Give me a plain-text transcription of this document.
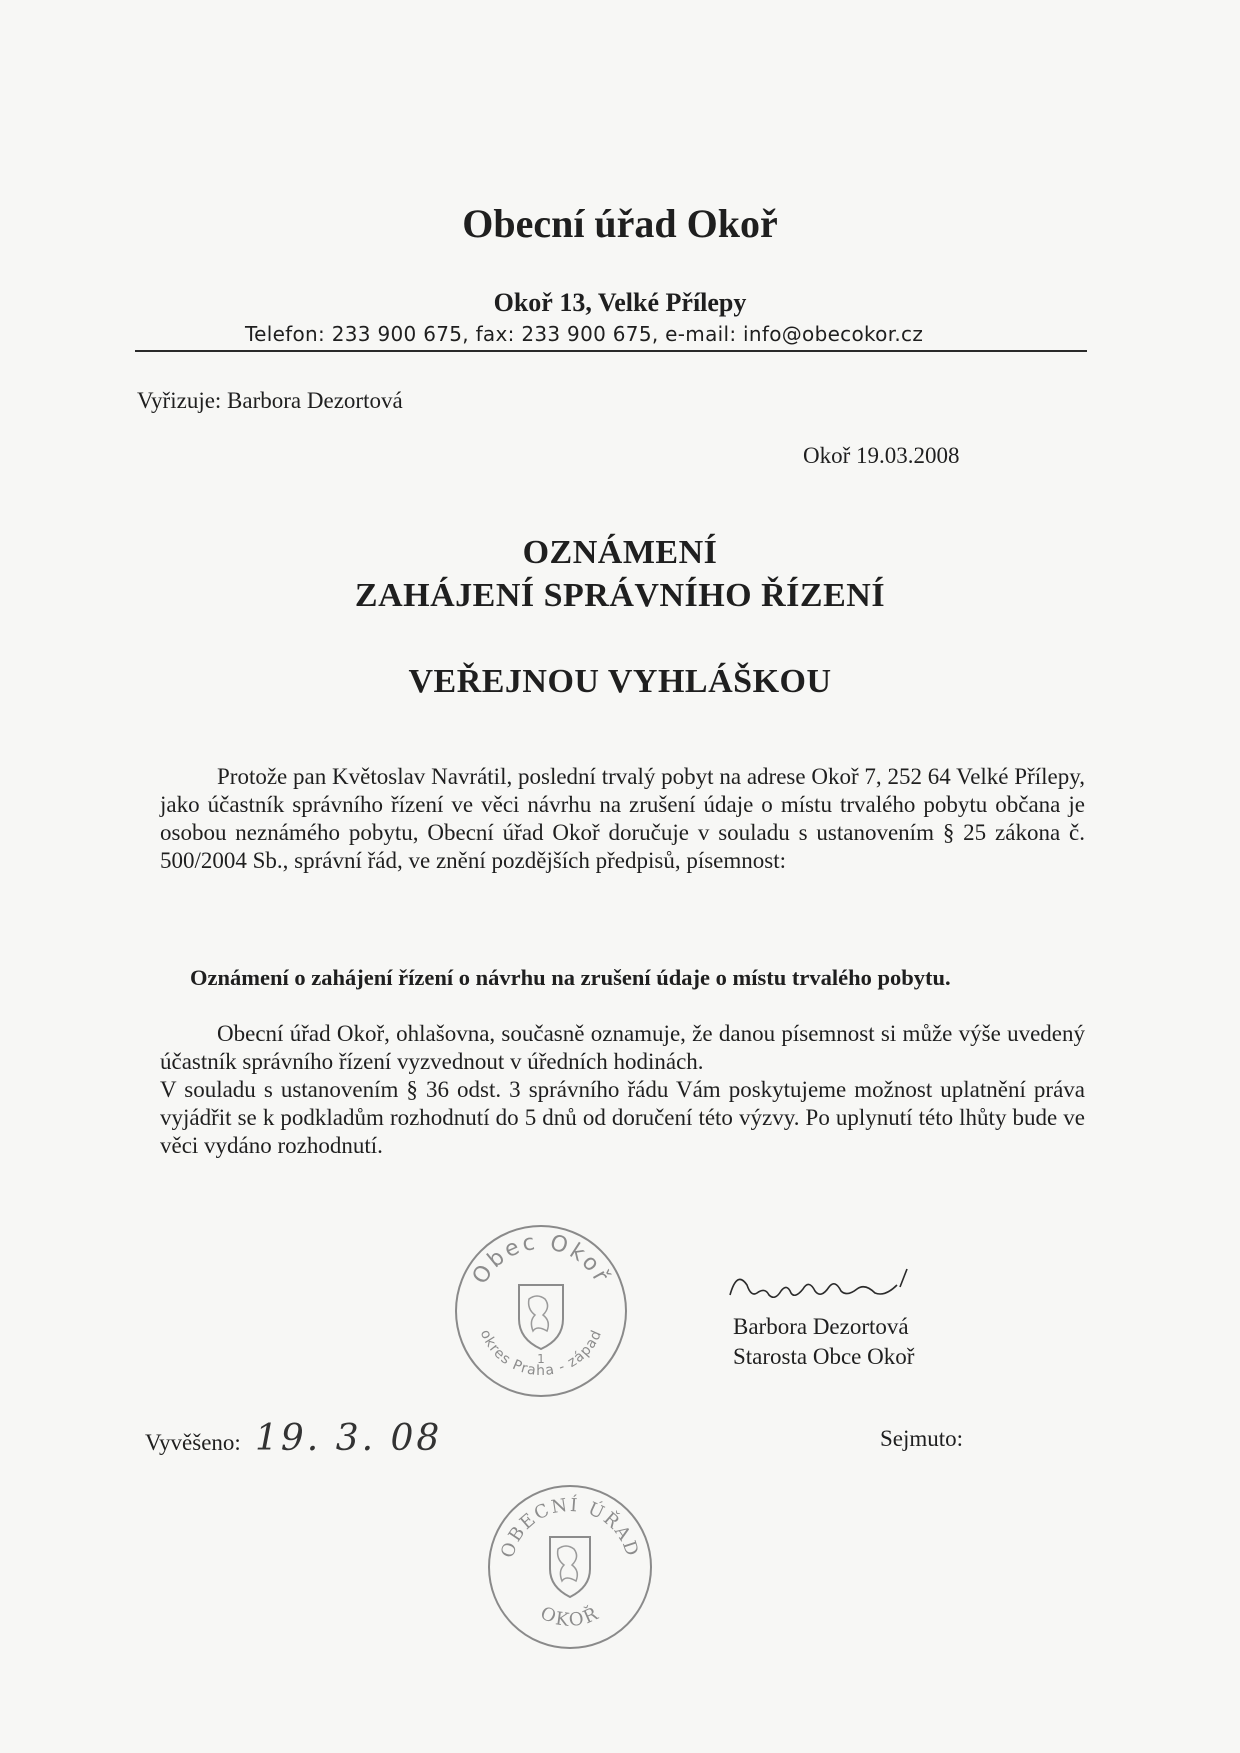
Obecní úřad Okoř
Okoř 13, Velké Přílepy
Telefon: 233 900 675, fax: 233 900 675, e-mail: info@obecokor.cz
Vyřizuje: Barbora Dezortová
Okoř 19.03.2008
OZNÁMENÍ
ZAHÁJENÍ SPRÁVNÍHO ŘÍZENÍ
VEŘEJNOU VYHLÁŠKOU
Protože pan Květoslav Navrátil, poslední trvalý pobyt na adrese Okoř 7, 252 64 Velké Přílepy, jako účastník správního řízení ve věci návrhu na zrušení údaje o místu trvalého pobytu občana je osobou neznámého pobytu, Obecní úřad Okoř doručuje v souladu s ustanovením § 25 zákona č. 500/2004 Sb., správní řád, ve znění pozdějších předpisů, písemnost:
Oznámení o zahájení řízení o návrhu na zrušení údaje o místu trvalého pobytu.
Obecní úřad Okoř, ohlašovna, současně oznamuje, že danou písemnost si může výše uvedený účastník správního řízení vyzvednout v úředních hodinách.
V souladu s ustanovením § 36 odst. 3 správního řádu Vám poskytujeme možnost uplatnění práva vyjádřit se k podkladům rozhodnutí do 5 dnů od doručení této výzvy. Po uplynutí této lhůty bude ve věci vydáno rozhodnutí.
Obec Okoř
okres Praha - západ
1
Barbora Dezortová
Starosta Obce Okoř
Vyvěšeno: 19. 3. 08	Sejmuto:
OBECNÍ ÚŘAD
OKOŘ
